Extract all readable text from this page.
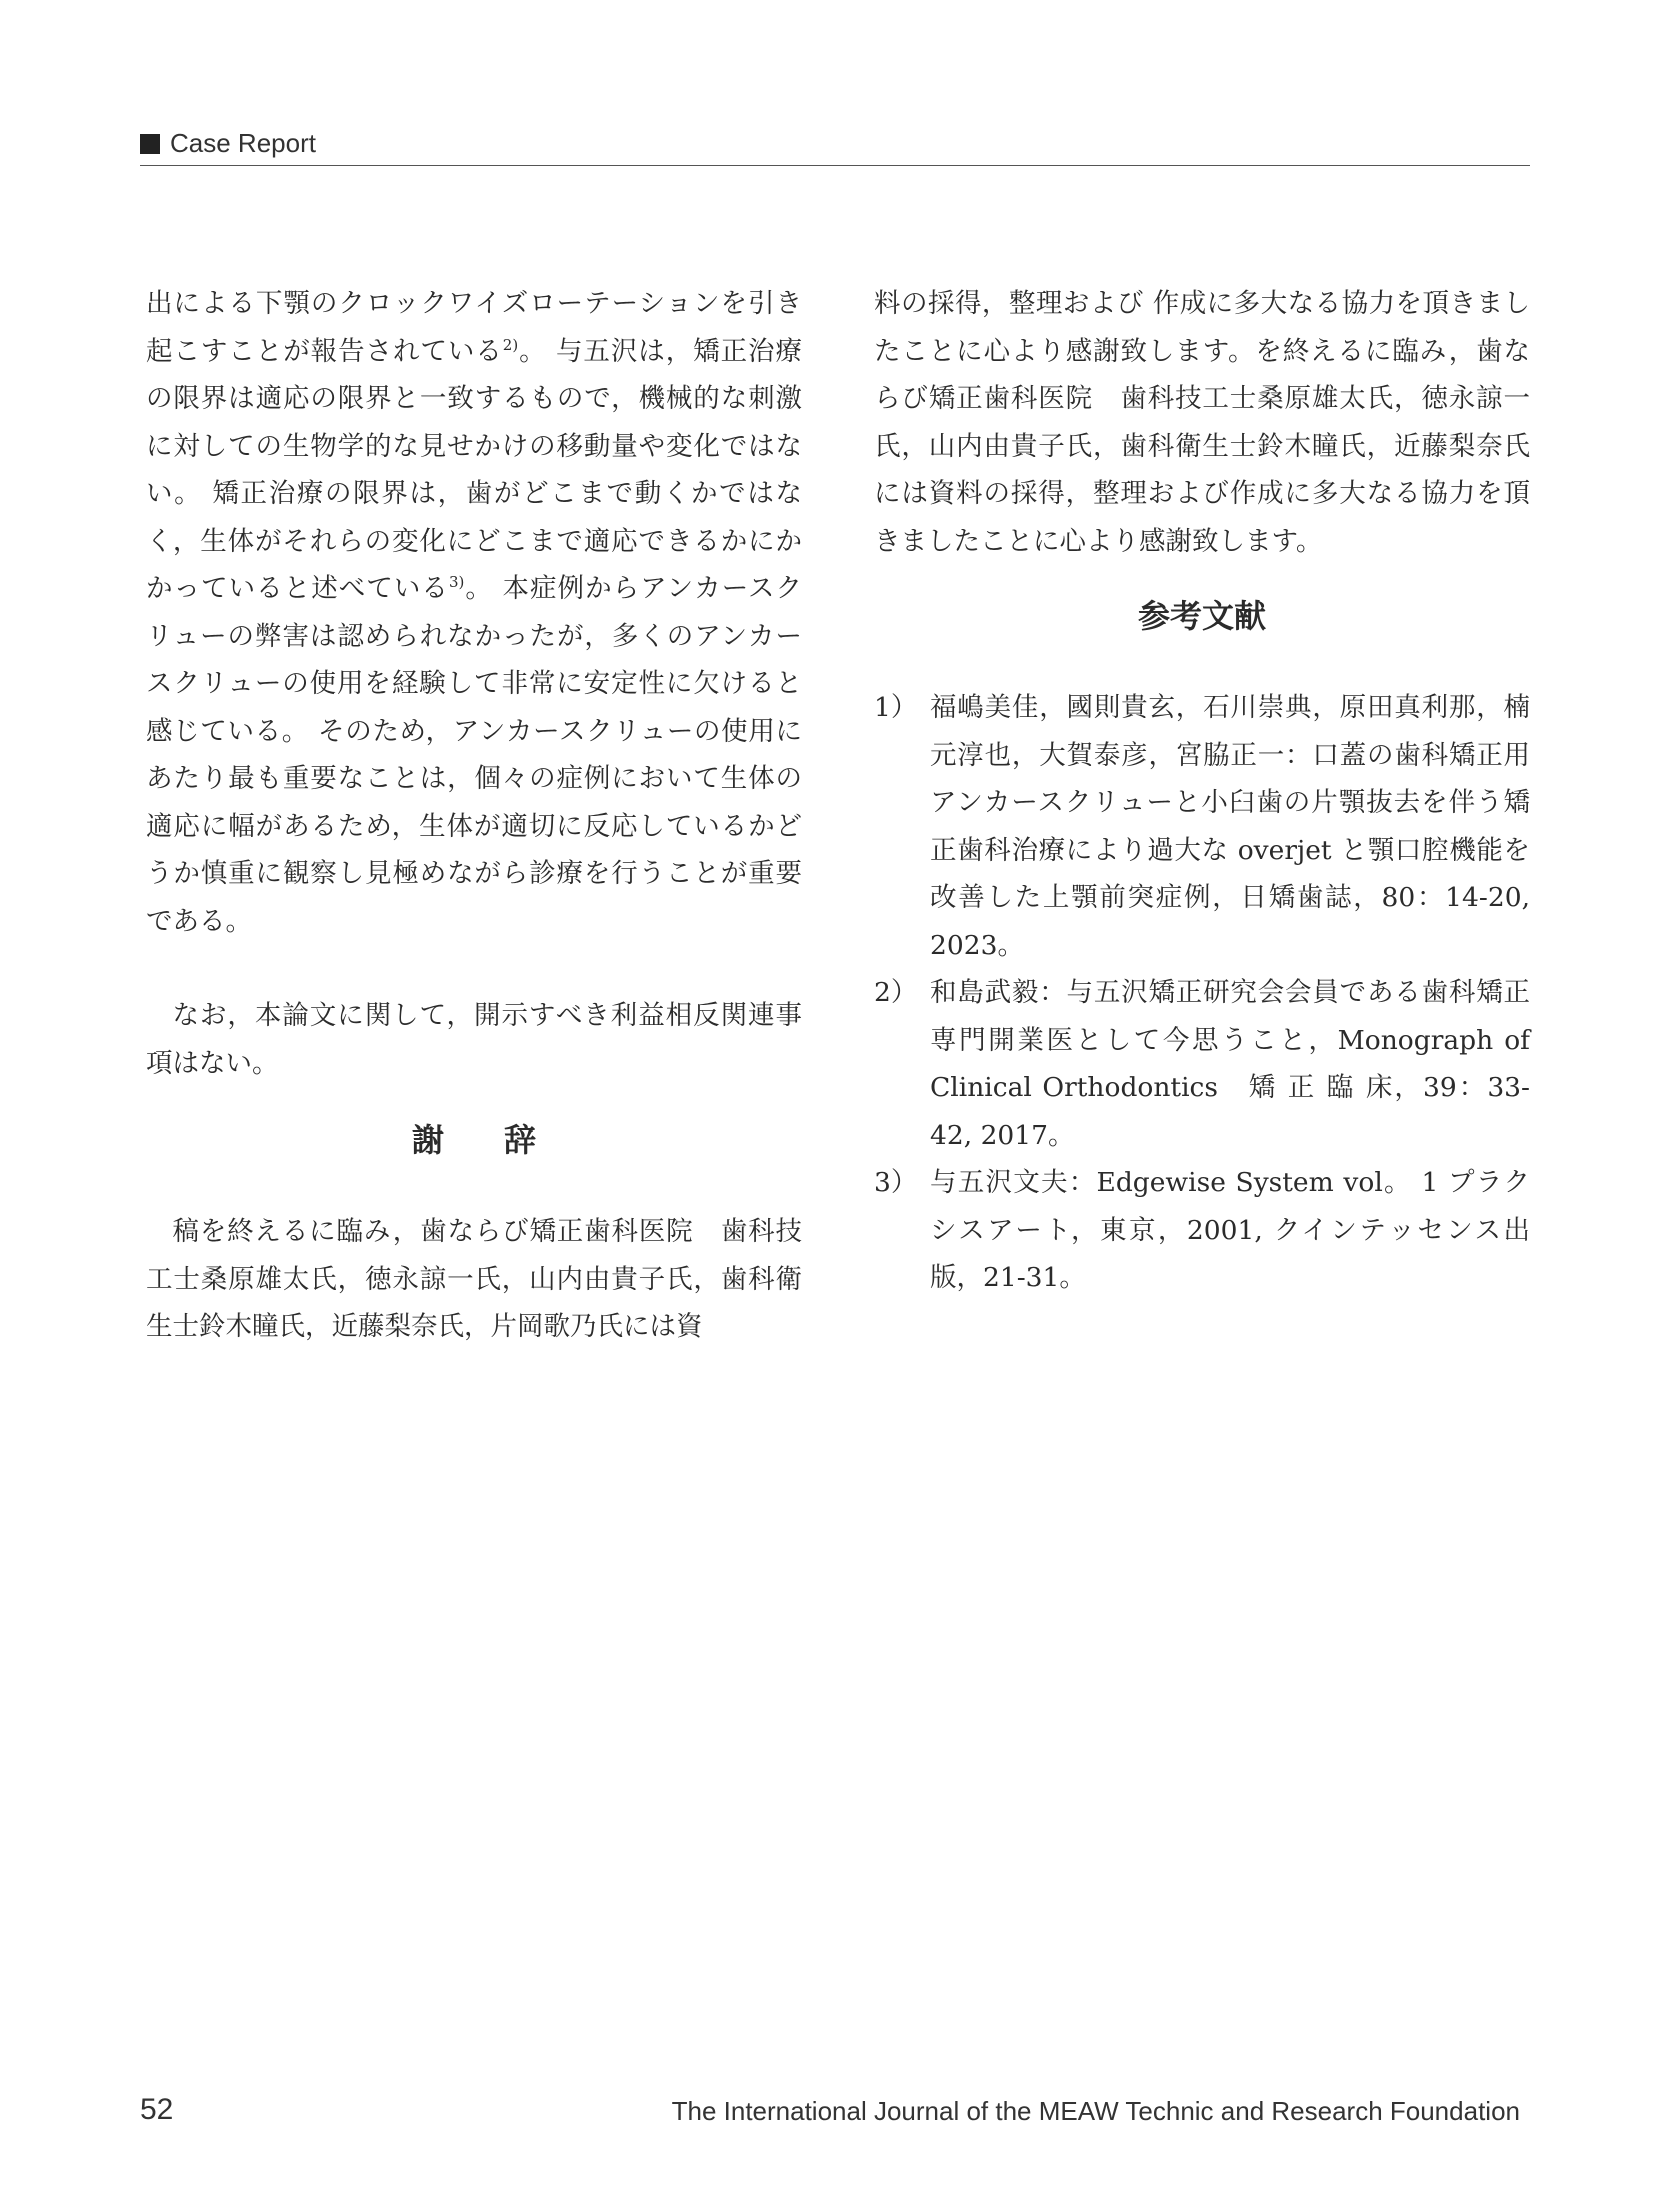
Case Report

出による下顎のクロックワイズローテーションを引き起こすことが報告されている$^{2)}$。 与五沢は，矯正治療の限界は適応の限界と一致するもので，機械的な刺激に対しての生物学的な見せかけの移動量や変化ではない。 矯正治療の限界は，歯がどこまで動くかではなく，生体がそれらの変化にどこまで適応できるかにかかっていると述べている$^{3)}$。 本症例からアンカースクリューの弊害は認められなかったが，多くのアンカースクリューの使用を経験して非常に安定性に欠けると感じている。 そのため，アンカースクリューの使用にあたり最も重要なことは，個々の症例において生体の適応に幅があるため，生体が適切に反応しているかどうか慎重に観察し見極めながら診療を行うことが重要である。

なお，本論文に関して，開示すべき利益相反関連事項はない。

謝辞

稿を終えるに臨み，歯ならび矯正歯科医院　歯科技工士桑原雄太氏，徳永諒一氏，山内由貴子氏，歯科衛生士鈴木瞳氏，近藤梨奈氏，片岡歌乃氏には資

料の採得，整理および 作成に多大なる協力を頂きましたことに心より感謝致します。を終えるに臨み，歯ならび矯正歯科医院　歯科技工士桑原雄太氏，徳永諒一氏，山内由貴子氏，歯科衛生士鈴木瞳氏，近藤梨奈氏には資料の採得，整理および作成に多大なる協力を頂きましたことに心より感謝致します。

参考文献
1） 福嶋美佳，國則貴玄，石川崇典，原田真利那，楠元淳也，大賀泰彦，宮脇正一：口蓋の歯科矯正用アンカースクリューと小臼歯の片顎抜去を伴う矯正歯科治療により過大な overjet と顎口腔機能を改善した上顎前突症例，日矯歯誌，80：14-20, 2023。
2） 和島武毅：与五沢矯正研究会会員である歯科矯正専門開業医として今思うこと，Monograph of Clinical Orthodontics　矯 正 臨 床，39：33-42, 2017。
3） 与五沢文夫：Edgewise System vol。 1 プラクシスアート，東京，2001, クインテッセンス出版，21-31。
52	The International Journal of the MEAW Technic and Research Foundation
